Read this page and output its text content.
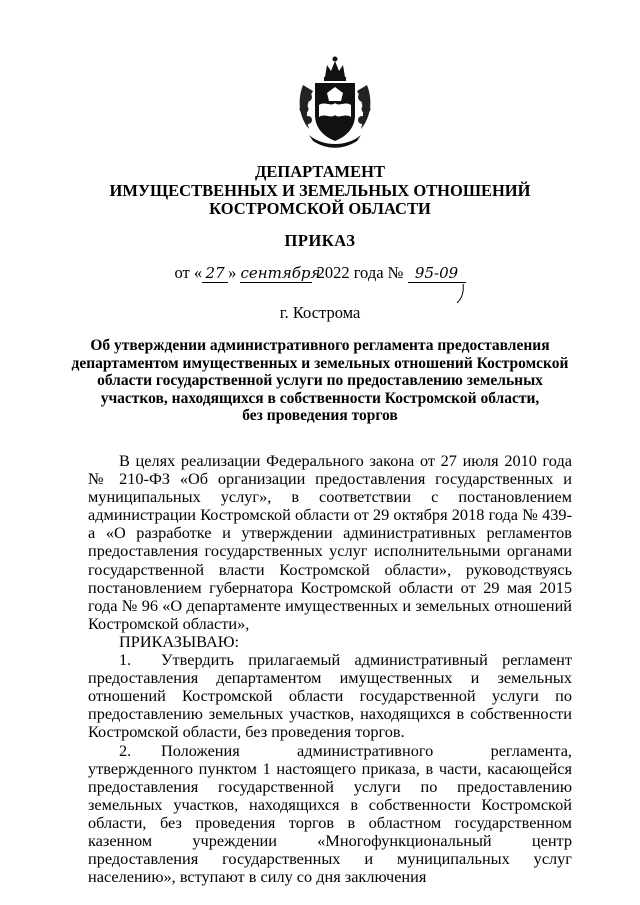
ДЕПАРТАМЕНТ
ИМУЩЕСТВЕННЫХ И ЗЕМЕЛЬНЫХ ОТНОШЕНИЙ
КОСТРОМСКОЙ ОБЛАСТИ
ПРИКАЗ
от « 27 » сентября 2022 года № 95-09
г. Кострома
Об утверждении административного регламента предоставления
департаментом имущественных и земельных отношений Костромской
области государственной услуги по предоставлению земельных
участков, находящихся в собственности Костромской области,
без проведения торгов

В целях реализации Федерального закона от 27 июля 2010 года № 210-ФЗ «Об организации предоставления государственных и муниципальных услуг», в соответствии с постановлением администрации Костромской области от 29 октября 2018 года № 439-а «О разработке и утверждении административных регламентов предоставления государственных услуг исполнительными органами государственной власти Костромской области», руководствуясь постановлением губернатора Костромской области от 29 мая 2015 года № 96 «О департаменте имущественных и земельных отношений Костромской области»,

ПРИКАЗЫВАЮ:

1. Утвердить прилагаемый административный регламент предоставления департаментом имущественных и земельных отношений Костромской области государственной услуги по предоставлению земельных участков, находящихся в собственности Костромской области, без проведения торгов.

2. Положения административного регламента, утвержденного пунктом 1 настоящего приказа, в части, касающейся предоставления государственной услуги по предоставлению земельных участков, находящихся в собственности Костромской области, без проведения торгов в областном государственном казенном учреждении «Многофункциональный центр предоставления государственных и муниципальных услуг населению», вступают в силу со дня заключения
